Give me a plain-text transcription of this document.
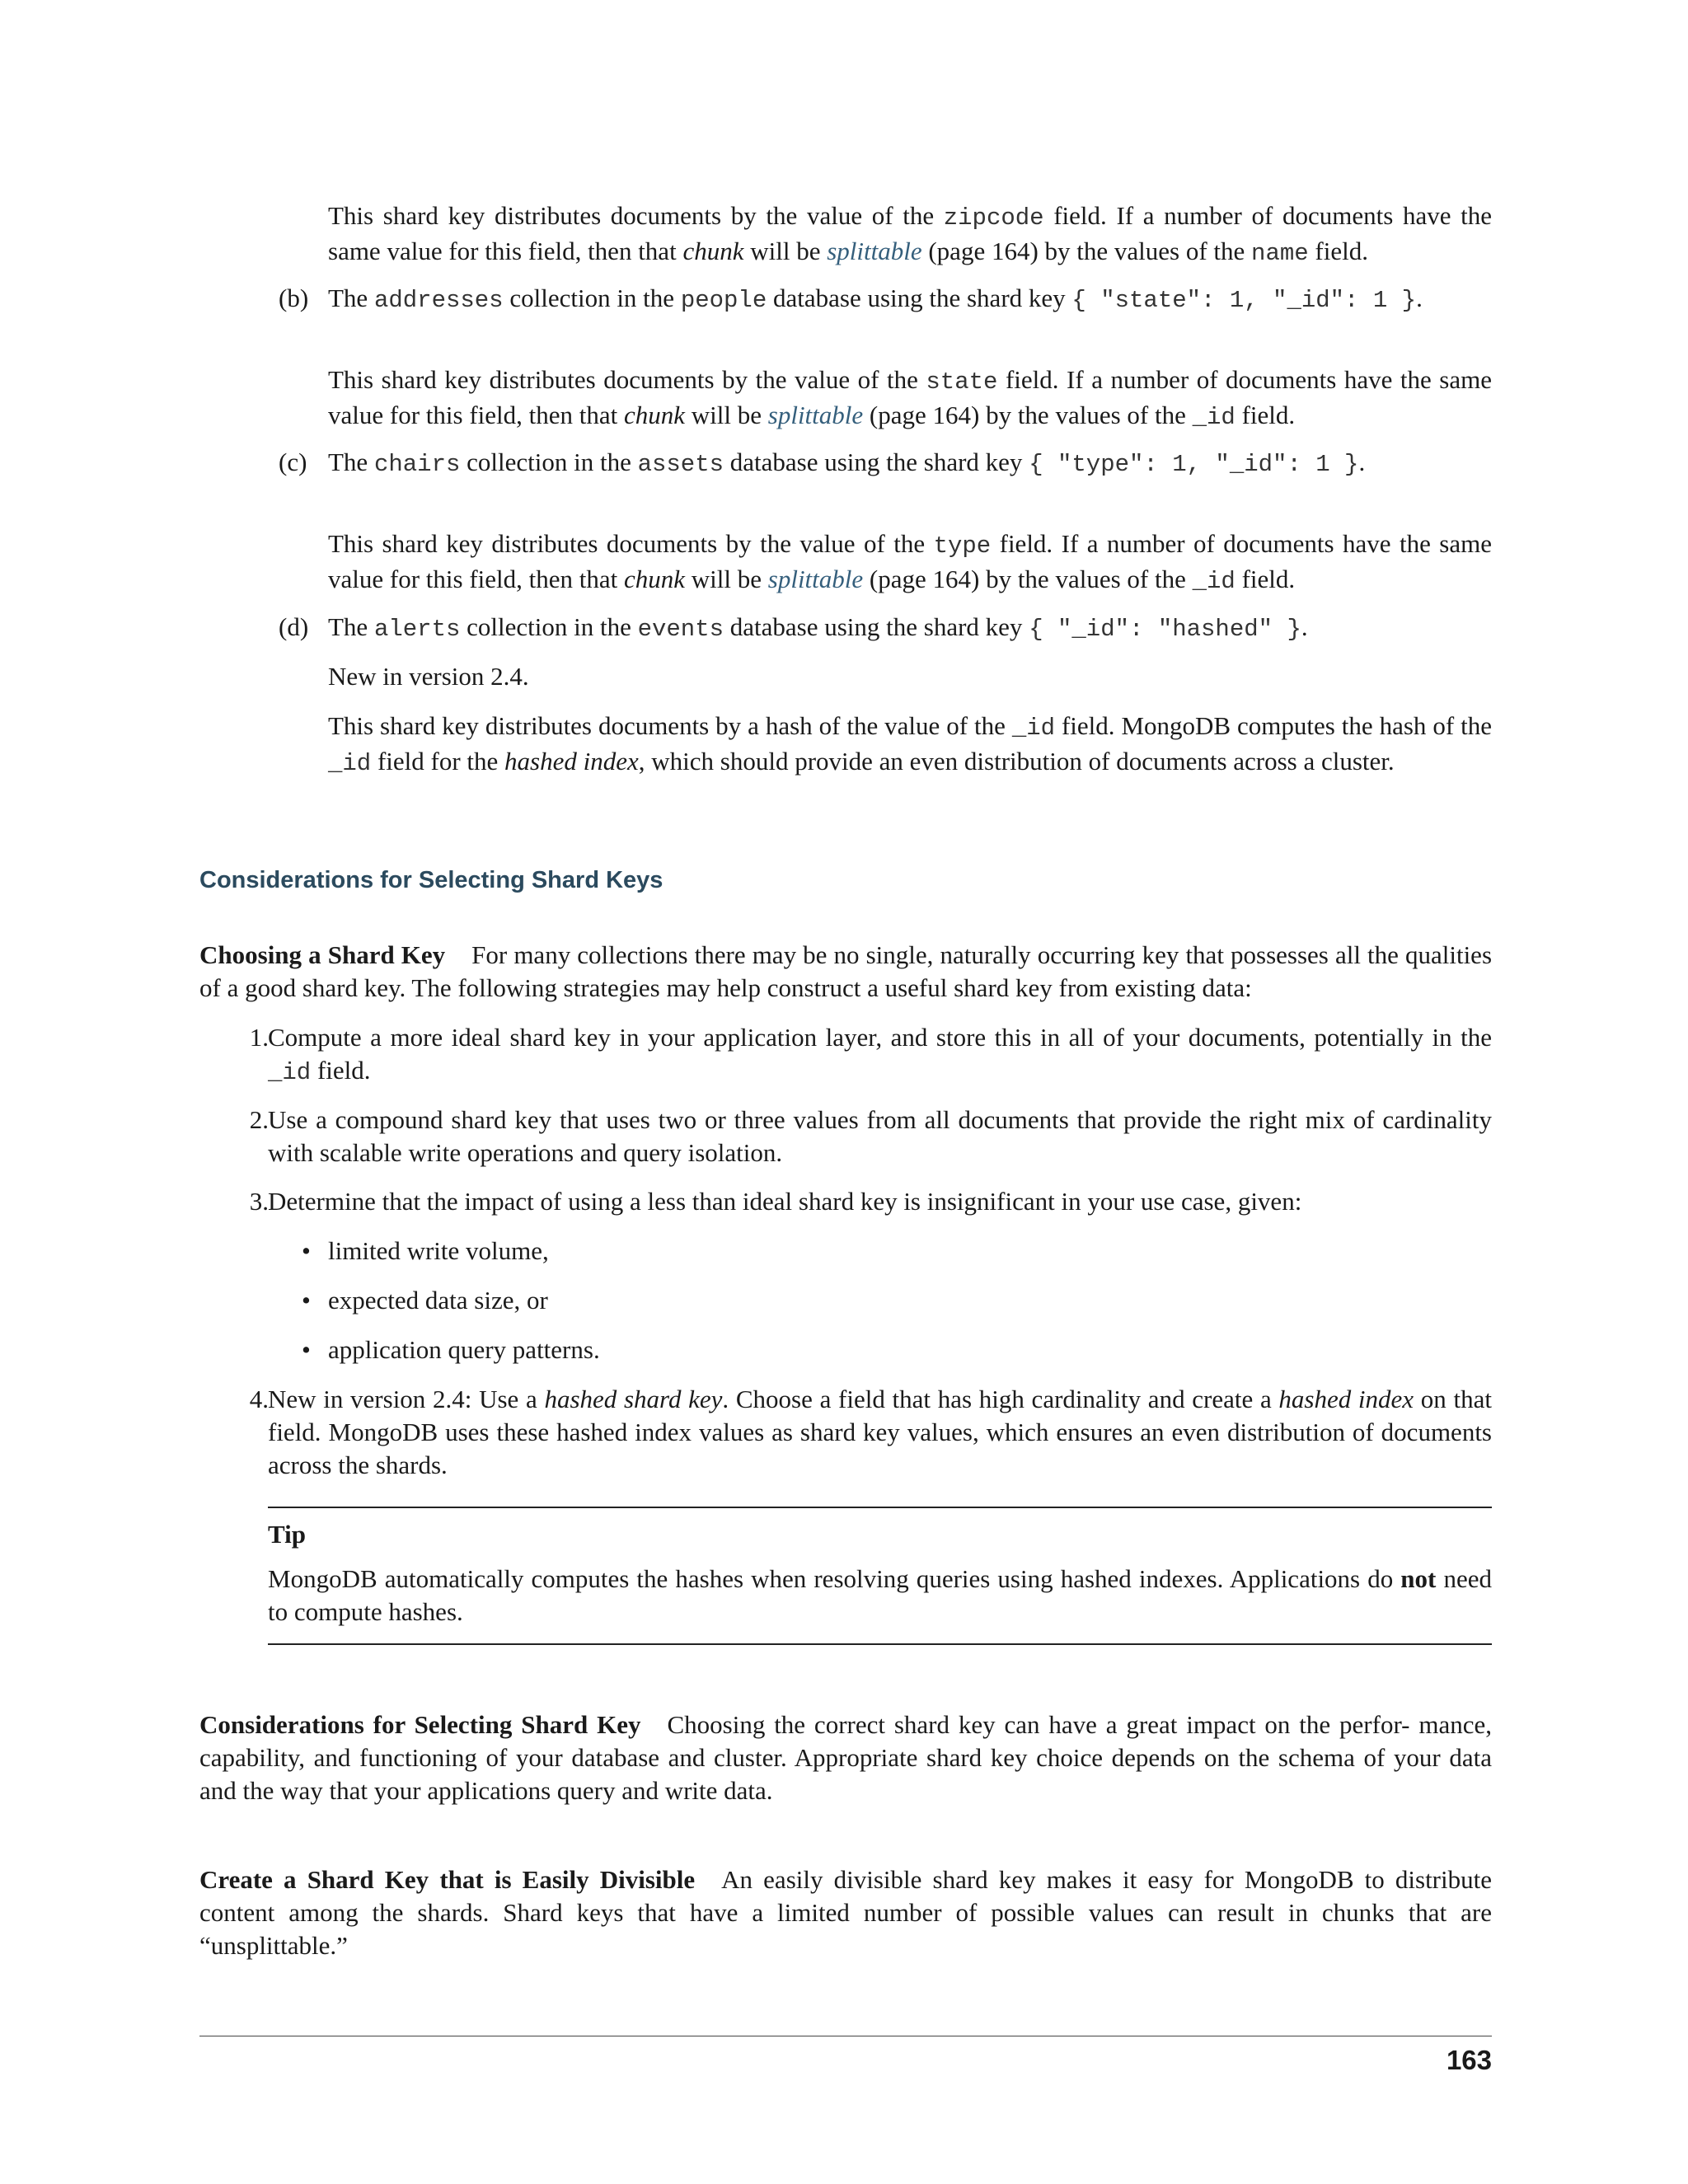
This shard key distributes documents by the value of the zipcode field. If a number of documents have the same value for this field, then that chunk will be splittable (page 164) by the values of the name field.

(b) The addresses collection in the people database using the shard key { "state": 1, "_id": 1 }.

This shard key distributes documents by the value of the state field. If a number of documents have the same value for this field, then that chunk will be splittable (page 164) by the values of the _id field.

(c) The chairs collection in the assets database using the shard key { "type": 1, "_id": 1 }.

This shard key distributes documents by the value of the type field. If a number of documents have the same value for this field, then that chunk will be splittable (page 164) by the values of the _id field.

(d) The alerts collection in the events database using the shard key { "_id": "hashed" }.

New in version 2.4.

This shard key distributes documents by a hash of the value of the _id field. MongoDB computes the hash of the _id field for the hashed index, which should provide an even distribution of documents across a cluster.

Considerations for Selecting Shard Keys

Choosing a Shard Key For many collections there may be no single, naturally occurring key that possesses all the qualities of a good shard key. The following strategies may help construct a useful shard key from existing data:

1. Compute a more ideal shard key in your application layer, and store this in all of your documents, potentially in the _id field.

2. Use a compound shard key that uses two or three values from all documents that provide the right mix of cardinality with scalable write operations and query isolation.

3. Determine that the impact of using a less than ideal shard key is insignificant in your use case, given:

• limited write volume,

• expected data size, or

• application query patterns.

4. New in version 2.4: Use a hashed shard key. Choose a field that has high cardinality and create a hashed index on that field. MongoDB uses these hashed index values as shard key values, which ensures an even distribution of documents across the shards.

Tip

MongoDB automatically computes the hashes when resolving queries using hashed indexes. Applications do not need to compute hashes.

Considerations for Selecting Shard Key Choosing the correct shard key can have a great impact on the perfor- mance, capability, and functioning of your database and cluster. Appropriate shard key choice depends on the schema of your data and the way that your applications query and write data.

Create a Shard Key that is Easily Divisible An easily divisible shard key makes it easy for MongoDB to distribute content among the shards. Shard keys that have a limited number of possible values can result in chunks that are “unsplittable.”

163
